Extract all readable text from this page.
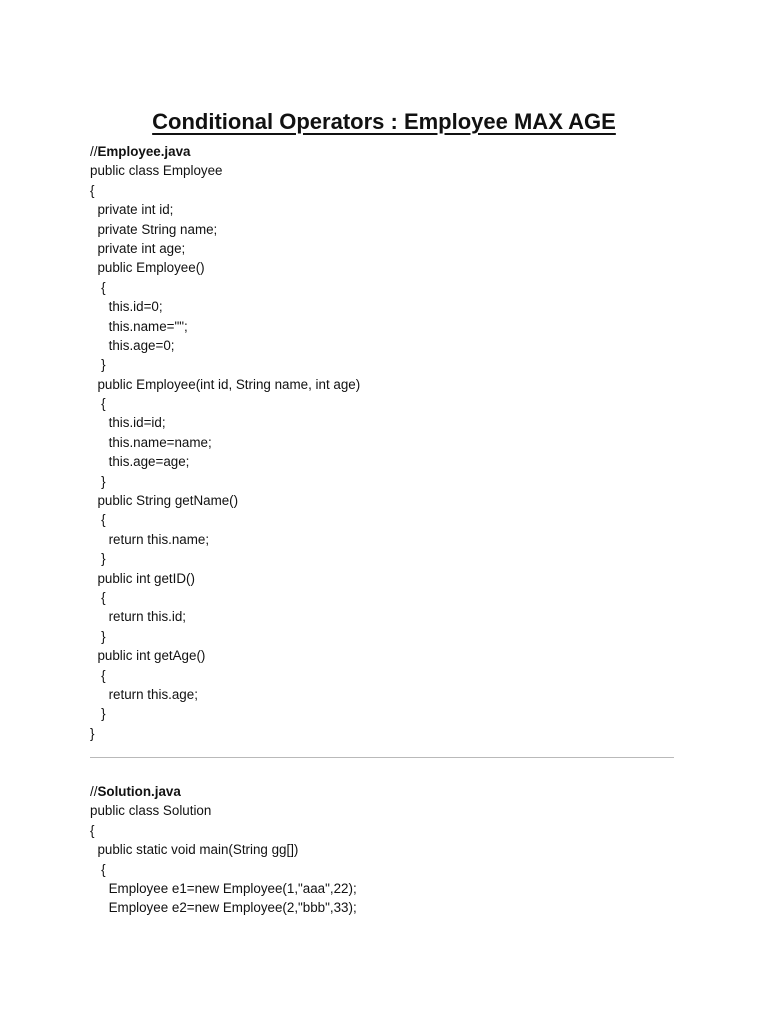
Conditional Operators : Employee MAX AGE
//Employee.java
public class Employee
{
private int id;
private String name;
private int age;
public Employee()
{
this.id=0;
this.name="";
this.age=0;
}
public Employee(int id, String name, int age)
{
this.id=id;
this.name=name;
this.age=age;
}
public String getName()
{
return this.name;
}
public int getID()
{
return this.id;
}
public int getAge()
{
return this.age;
}
}
//Solution.java
public class Solution
{
public static void main(String gg[])
{
Employee e1=new Employee(1,"aaa",22);
Employee e2=new Employee(2,"bbb",33);
